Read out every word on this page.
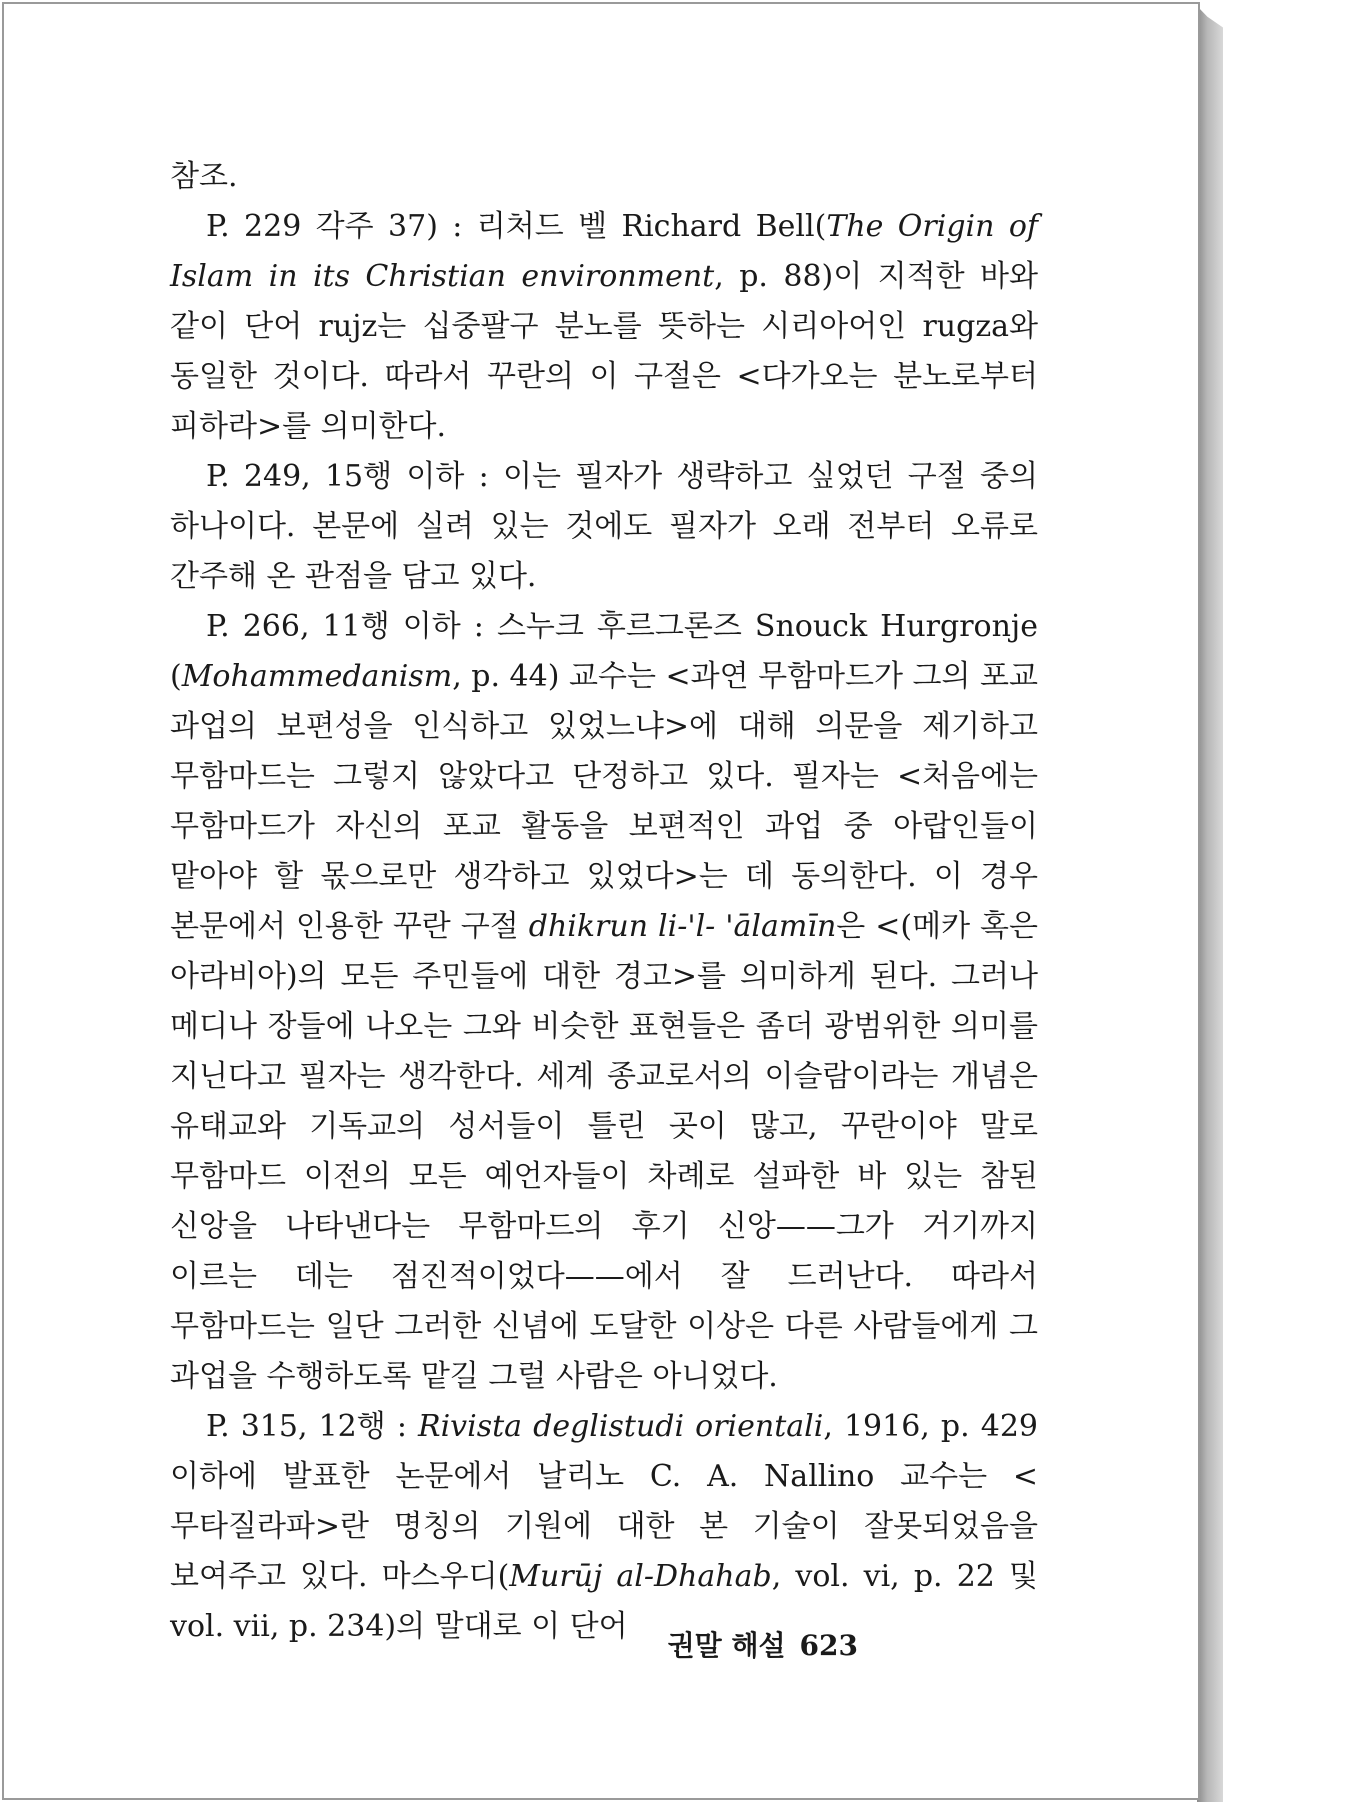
참조.

P. 229 각주 37) : 리처드 벨 Richard Bell(The Origin of Islam in its Christian environment, p. 88)이 지적한 바와 같이 단어 rujz는 십중팔구 분노를 뜻하는 시리아어인 rugza와 동일한 것이다. 따라서 꾸란의 이 구절은 <다가오는 분노로부터 피하라>를 의미한다.

P. 249, 15행 이하 : 이는 필자가 생략하고 싶었던 구절 중의 하나이다. 본문에 실려 있는 것에도 필자가 오래 전부터 오류로 간주해 온 관점을 담고 있다.

P. 266, 11행 이하 : 스누크 후르그론즈 Snouck Hurgronje (Mohammedanism, p. 44) 교수는 <과연 무함마드가 그의 포교 과업의 보편성을 인식하고 있었느냐>에 대해 의문을 제기하고 무함마드는 그렇지 않았다고 단정하고 있다. 필자는 <처음에는 무함마드가 자신의 포교 활동을 보편적인 과업 중 아랍인들이 맡아야 할 몫으로만 생각하고 있었다>는 데 동의한다. 이 경우 본문에서 인용한 꾸란 구절 dhikrun li-'l- 'ālamīn은 <(메카 혹은 아라비아)의 모든 주민들에 대한 경고>를 의미하게 된다. 그러나 메디나 장들에 나오는 그와 비슷한 표현들은 좀더 광범위한 의미를 지닌다고 필자는 생각한다. 세계 종교로서의 이슬람이라는 개념은 유태교와 기독교의 성서들이 틀린 곳이 많고, 꾸란이야 말로 무함마드 이전의 모든 예언자들이 차례로 설파한 바 있는 참된 신앙을 나타낸다는 무함마드의 후기 신앙——그가 거기까지 이르는 데는 점진적이었다——에서 잘 드러난다. 따라서 무함마드는 일단 그러한 신념에 도달한 이상은 다른 사람들에게 그 과업을 수행하도록 맡길 그럴 사람은 아니었다.

P. 315, 12행 : Rivista deglistudi orientali, 1916, p. 429 이하에 발표한 논문에서 날리노 C. A. Nallino 교수는 <무타질라파>란 명칭의 기원에 대한 본 기술이 잘못되었음을 보여주고 있다. 마스우디(Murūj al-Dhahab, vol. vi, p. 22 및 vol. vii, p. 234)의 말대로 이 단어

권말 해설 623
